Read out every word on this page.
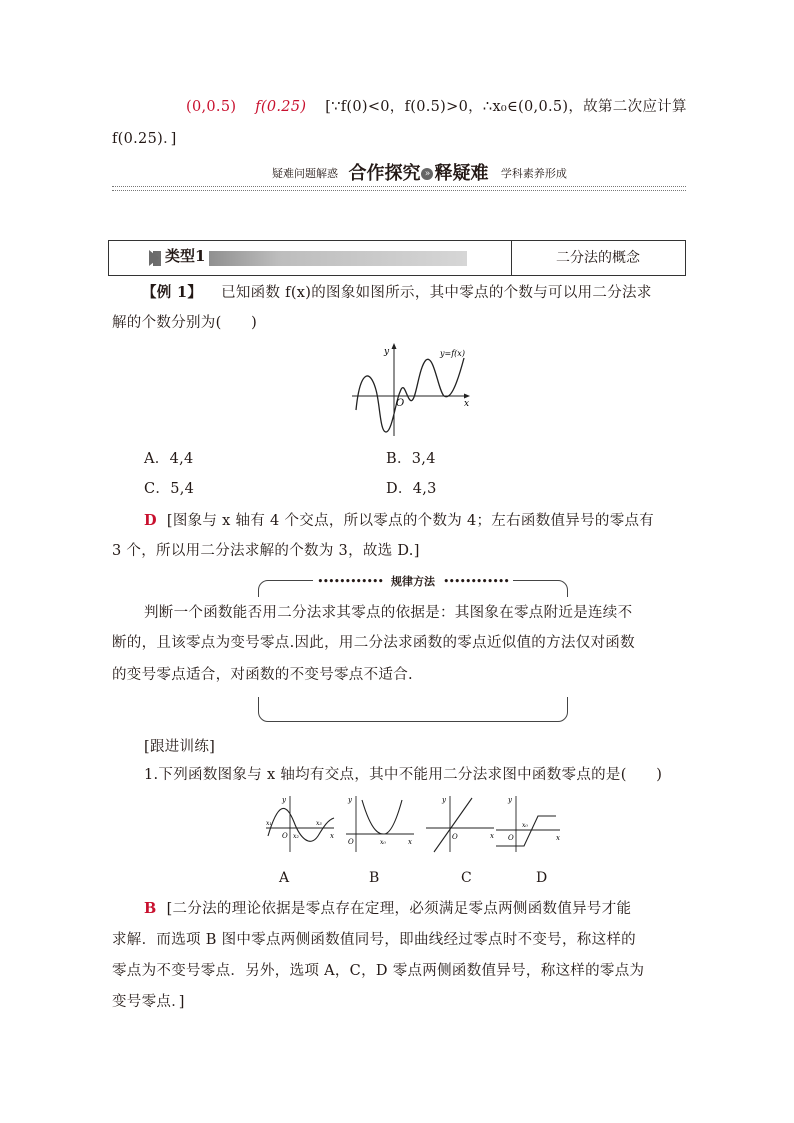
(0,0.5) f(0.25) [∵f(0)<0，f(0.5)>0，∴x₀∈(0,0.5)，故第二次应计算
f(0.25)．]
疑难问题解惑 合作探究 » 释疑难 学科素养形成
类型1	二分法的概念
【例 1】 已知函数 f(x)的图象如图所示，其中零点的个数与可以用二分法求
解的个数分别为(　　)
y
x
O
y=f(x)
A．4,4	B．3,4
C．5,4	D．4,3
D [图象与 x 轴有 4 个交点，所以零点的个数为 4；左右函数值异号的零点有
3 个，所以用二分法求解的个数为 3，故选 D.]
•••••••••••• 规律方法 ••••••••••••
判断一个函数能否用二分法求其零点的依据是：其图象在零点附近是连续不
断的，且该零点为变号零点.因此，用二分法求函数的零点近似值的方法仅对函数
的变号零点适合，对函数的不变号零点不适合.
[跟进训练]
1.下列函数图象与 x 轴均有交点，其中不能用二分法求图中函数零点的是(　　)
y
x
O
x₁
x₂
x₃
y
x
O	x₀
y
x
O
y
x
O
x₀
A	B	C	D
B [二分法的理论依据是零点存在定理，必须满足零点两侧函数值异号才能
求解．而选项 B 图中零点两侧函数值同号，即曲线经过零点时不变号，称这样的
零点为不变号零点．另外，选项 A，C，D 零点两侧函数值异号，称这样的零点为
变号零点．]
